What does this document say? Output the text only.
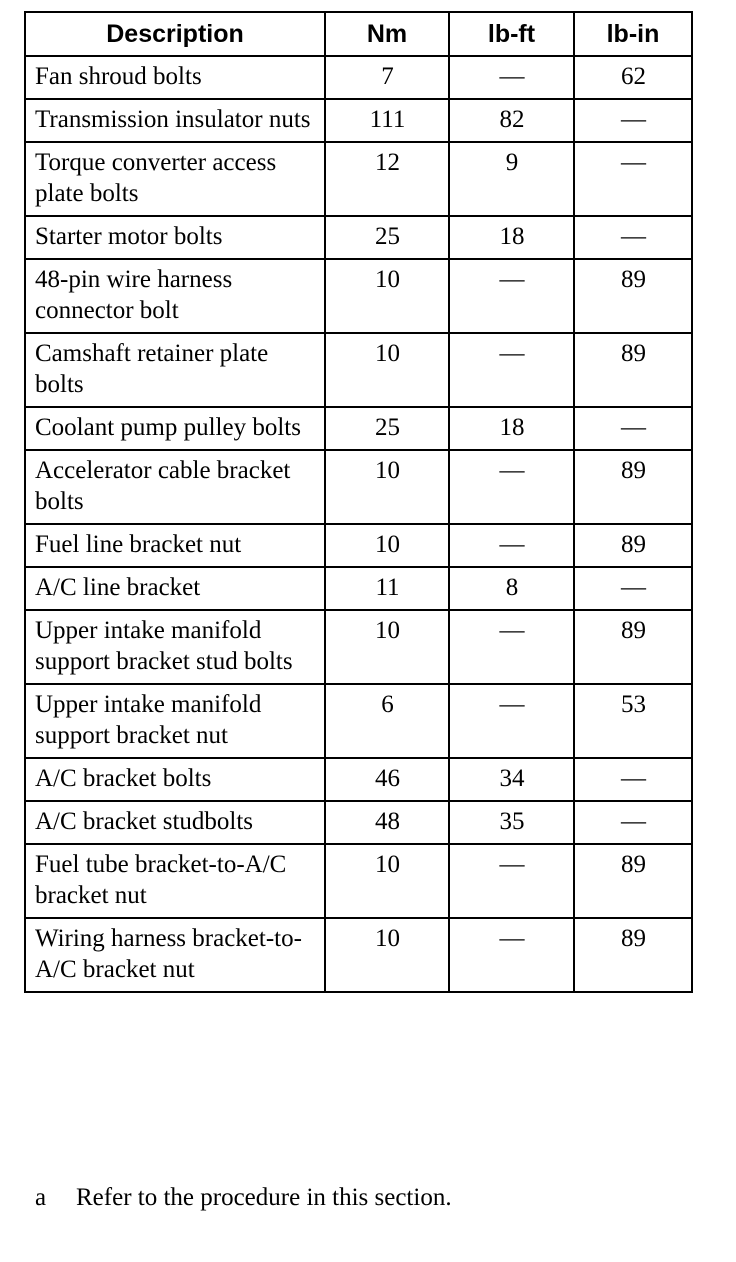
Description	Nm	lb-ft	lb-in
Fan shroud bolts	7	—	62
Transmission insulator nuts	111	82	—
Torque converter access plate bolts	12	9	—
Starter motor bolts	25	18	—
48-pin wire harness connector bolt	10	—	89
Camshaft retainer plate bolts	10	—	89
Coolant pump pulley bolts	25	18	—
Accelerator cable bracket bolts	10	—	89
Fuel line bracket nut	10	—	89
A/C line bracket	11	8	—
Upper intake manifold support bracket stud bolts	10	—	89
Upper intake manifold support bracket nut	6	—	53
A/C bracket bolts	46	34	—
A/C bracket studbolts	48	35	—
Fuel tube bracket-to-A/C bracket nut	10	—	89
Wiring harness bracket-to-A/C bracket nut	10	—	89
a Refer to the procedure in this section.
